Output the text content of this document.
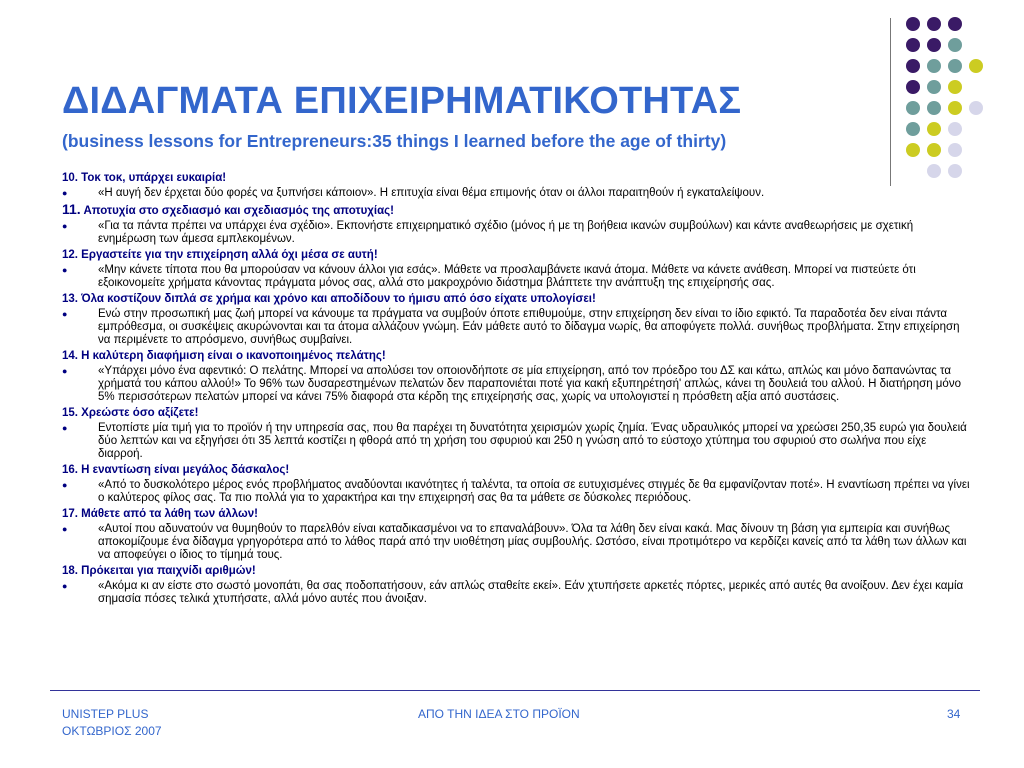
ΔΙΔΑΓΜΑΤΑ ΕΠΙΧΕΙΡΗΜΑΤΙΚΟΤΗΤΑΣ
(business lessons for Entrepreneurs:35 things I learned before the age of thirty)
10. Τοκ τοκ, υπάρχει ευκαιρία!
●	«Η αυγή δεν έρχεται δύο φορές να ξυπνήσει κάποιον». Η επιτυχία είναι θέμα επιμονής όταν οι άλλοι παραιτηθούν ή εγκαταλείψουν.
11. Αποτυχία στο σχεδιασμό και σχεδιασμός της αποτυχίας!
●	«Για τα πάντα πρέπει να υπάρχει ένα σχέδιο». Εκπονήστε επιχειρηματικό σχέδιο (μόνος ή με τη βοήθεια ικανών συμβούλων) και κάντε αναθεωρήσεις με σχετική ενημέρωση των άμεσα εμπλεκομένων.
12. Εργαστείτε για την επιχείρηση αλλά όχι μέσα σε αυτή!
●	«Μην κάνετε τίποτα που θα μπορούσαν να κάνουν άλλοι για εσάς». Μάθετε να προσλαμβάνετε ικανά άτομα. Μάθετε να κάνετε ανάθεση. Μπορεί να πιστεύετε ότι εξοικονομείτε χρήματα κάνοντας πράγματα μόνος σας, αλλά στο μακροχρόνιο διάστημα βλάπτετε την ανάπτυξη της επιχείρησής σας.
13. Όλα κοστίζουν διπλά σε χρήμα και χρόνο και αποδίδουν το ήμισυ από όσο είχατε υπολογίσει!
●	Ενώ στην προσωπική μας ζωή μπορεί να κάνουμε τα πράγματα να συμβούν όποτε επιθυμούμε, στην επιχείρηση δεν είναι το ίδιο εφικτό. Τα παραδοτέα δεν είναι πάντα εμπρόθεσμα, οι συσκέψεις ακυρώνονται και τα άτομα αλλάζουν γνώμη. Εάν μάθετε αυτό το δίδαγμα νωρίς, θα αποφύγετε πολλά. συνήθως προβλήματα. Στην επιχείρηση να περιμένετε το απρόσμενο, συνήθως συμβαίνει.
14. Η καλύτερη διαφήμιση είναι ο ικανοποιημένος πελάτης!
●	«Υπάρχει μόνο ένα αφεντικό: Ο πελάτης. Μπορεί να απολύσει τον οποιονδήποτε σε μία επιχείρηση, από τον πρόεδρο του ΔΣ και κάτω, απλώς και μόνο δαπανώντας τα χρήματά του κάπου αλλού!» Το 96% των δυσαρεστημένων πελατών δεν παραπονιέται ποτέ για κακή εξυπηρέτησή' απλώς, κάνει τη δουλειά του αλλού. Η διατήρηση μόνο 5% περισσότερων πελατών μπορεί να κάνει 75% διαφορά στα κέρδη της επιχείρησής σας, χωρίς να υπολογιστεί η πρόσθετη αξία από συστάσεις.
15. Χρεώστε όσο αξίζετε!
●	Εντοπίστε μία τιμή για το προϊόν ή την υπηρεσία σας, που θα παρέχει τη δυνατότητα χειρισμών χωρίς ζημία. Ένας υδραυλικός μπορεί να χρεώσει 250,35 ευρώ για δουλειά δύο λεπτών και να εξηγήσει ότι 35 λεπτά κοστίζει η φθορά από τη χρήση του σφυριού και 250 η γνώση από το εύστοχο χτύπημα του σφυριού στο σωλήνα που είχε διαρροή.
16. Η εναντίωση είναι μεγάλος δάσκαλος!
●	«Από το δυσκολότερο μέρος ενός προβλήματος αναδύονται ικανότητες ή ταλέντα, τα οποία σε ευτυχισμένες στιγμές δε θα εμφανίζονταν ποτέ». Η εναντίωση πρέπει να γίνει ο καλύτερος φίλος σας. Τα πιο πολλά για το χαρακτήρα και την επιχειρησή σας θα τα μάθετε σε δύσκολες περιόδους.
17. Μάθετε από τα λάθη των άλλων!
●	«Αυτοί που αδυνατούν να θυμηθούν το παρελθόν είναι καταδικασμένοι να το επαναλάβουν». Όλα τα λάθη δεν είναι κακά. Μας δίνουν τη βάση για εμπειρία και συνήθως αποκομίζουμε ένα δίδαγμα γρηγορότερα από το λάθος παρά από την υιοθέτηση μίας συμβουλής. Ωστόσο, είναι προτιμότερο να κερδίζει κανείς από τα λάθη των άλλων και να αποφεύγει ο ίδιος το τίμημά τους.
18. Πρόκειται για παιχνίδι αριθμών!
●	«Ακόμα κι αν είστε στο σωστό μονοπάτι, θα σας ποδοπατήσουν, εάν απλώς σταθείτε εκεί». Εάν χτυπήσετε αρκετές πόρτες, μερικές από αυτές θα ανοίξουν. Δεν έχει καμία σημασία πόσες τελικά χτυπήσατε, αλλά μόνο αυτές που άνοιξαν.
UNISTEP PLUS
ΟΚΤΩΒΡΙΟΣ 2007
ΑΠΟ ΤΗΝ ΙΔΕΑ ΣΤΟ ΠΡΟΪΟΝ	34
